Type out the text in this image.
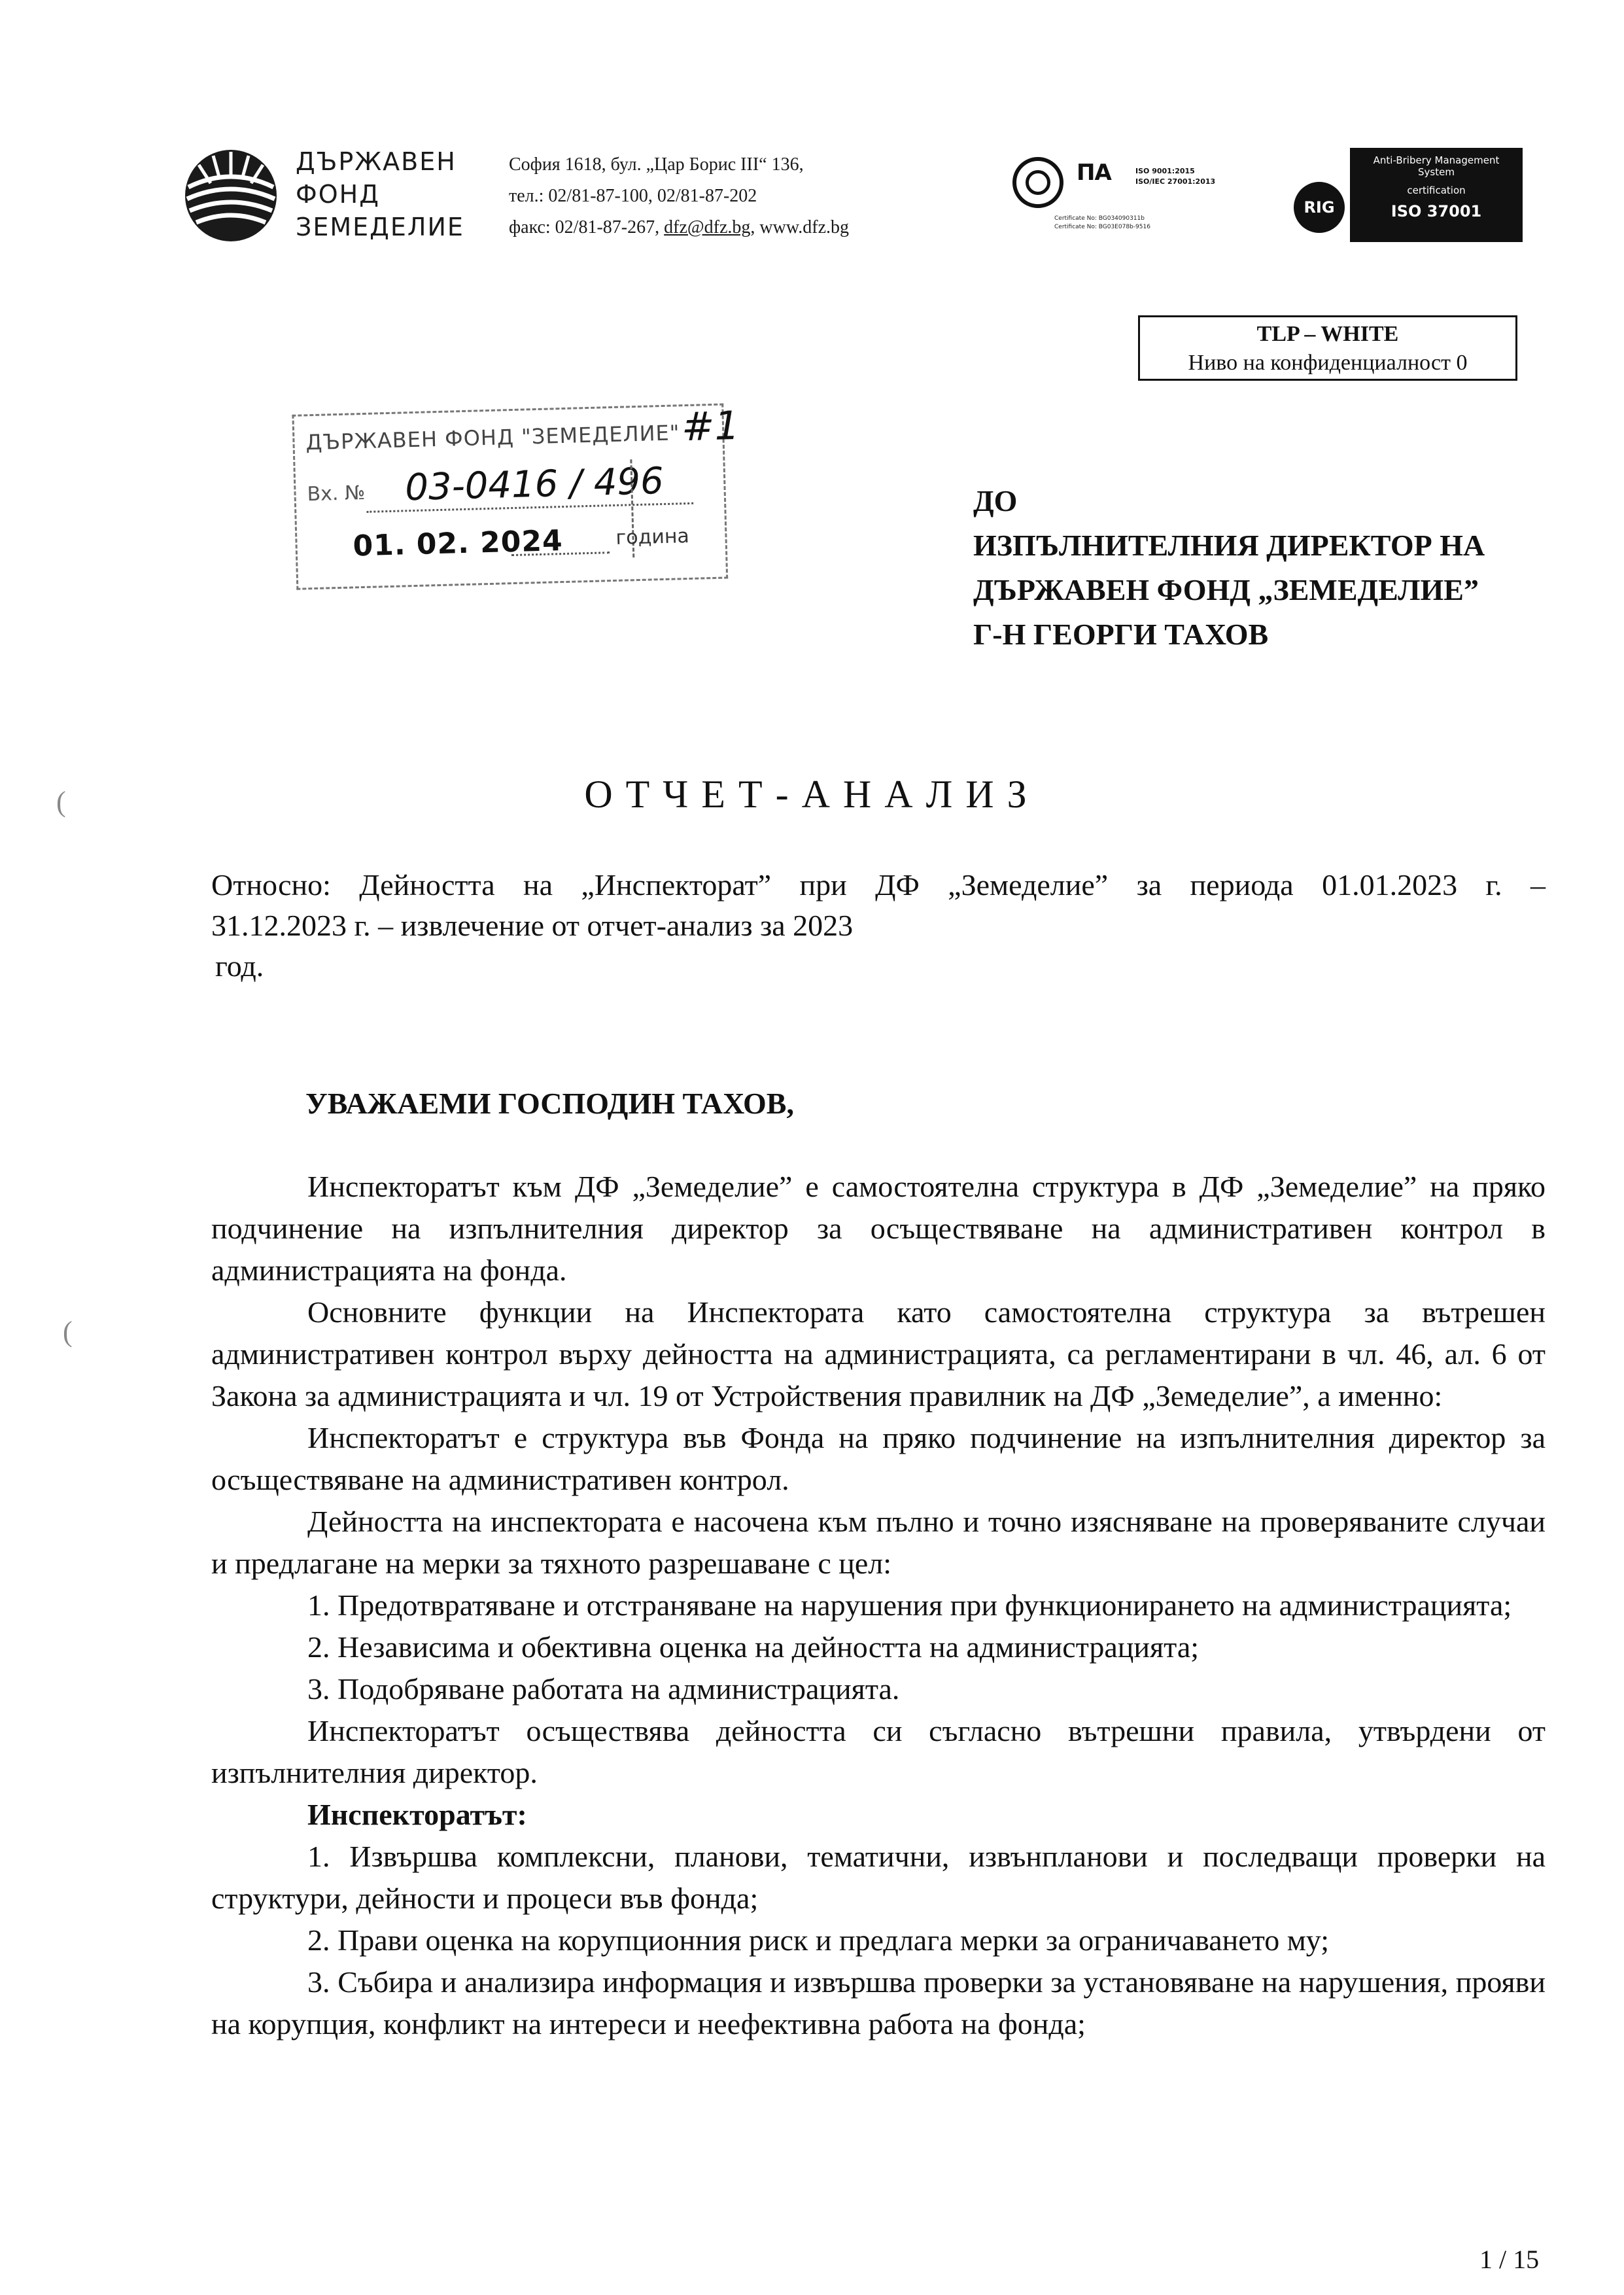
ДЪРЖАВЕН
ФОНД
ЗЕМЕДЕЛИЕ
София 1618, бул. „Цар Борис III“ 136,
тел.: 02/81-87-100, 02/81-87-202
факс: 02/81-87-267, dfz@dfz.bg, www.dfz.bg
ПА	ISO 9001:2015
ISO/IEC 27001:2013
Certificate No: BG034090311b
Certificate No: BG03E078b-9516
RIG
Anti-Bribery Management
System
certification
ISO 37001
TLP – WHITE
Ниво на конфиденциалност 0
ДЪРЖАВЕН ФОНД "ЗЕМЕДЕЛИЕ" #1
Вх. № 03-0416 / 496
01. 02. 2024	година
ДО
ИЗПЪЛНИТЕЛНИЯ ДИРЕКТОР НА
ДЪРЖАВЕН ФОНД „ЗЕМЕДЕЛИЕ”
Г-Н ГЕОРГИ ТАХОВ
(
(
ОТЧЕТ-АНАЛИЗ
Относно: Дейността на „Инспекторат” при ДФ „Земеделие” за периода 01.01.2023 г. –
31.12.2023 г. – извлечение от отчет-анализ за 2023
год.
УВАЖАЕМИ ГОСПОДИН ТАХОВ,

Инспекторатът към ДФ „Земеделие” е самостоятелна структура в ДФ „Земеделие” на пряко подчинение на изпълнителния директор за осъществяване на административен контрол в администрацията на фонда.

Основните функции на Инспектората като самостоятелна структура за вътрешен административен контрол върху дейността на администрацията, са регламентирани в чл. 46, ал. 6 от Закона за администрацията и чл. 19 от Устройствения правилник на ДФ „Земеделие”, а именно:

Инспекторатът е структура във Фонда на пряко подчинение на изпълнителния директор за осъществяване на административен контрол.

Дейността на инспектората е насочена към пълно и точно изясняване на проверяваните случаи и предлагане на мерки за тяхното разрешаване с цел:

1. Предотвратяване и отстраняване на нарушения при функционирането на администрацията;

2. Независима и обективна оценка на дейността на администрацията;

3. Подобряване работата на администрацията.

Инспекторатът осъществява дейността си съгласно вътрешни правила, утвърдени от изпълнителния директор.

Инспекторатът:

1. Извършва комплексни, планови, тематични, извънпланови и последващи проверки на структури, дейности и процеси във фонда;

2. Прави оценка на корупционния риск и предлага мерки за ограничаването му;

3. Събира и анализира информация и извършва проверки за установяване на нарушения, прояви на корупция, конфликт на интереси и неефективна работа на фонда;

1 / 15
